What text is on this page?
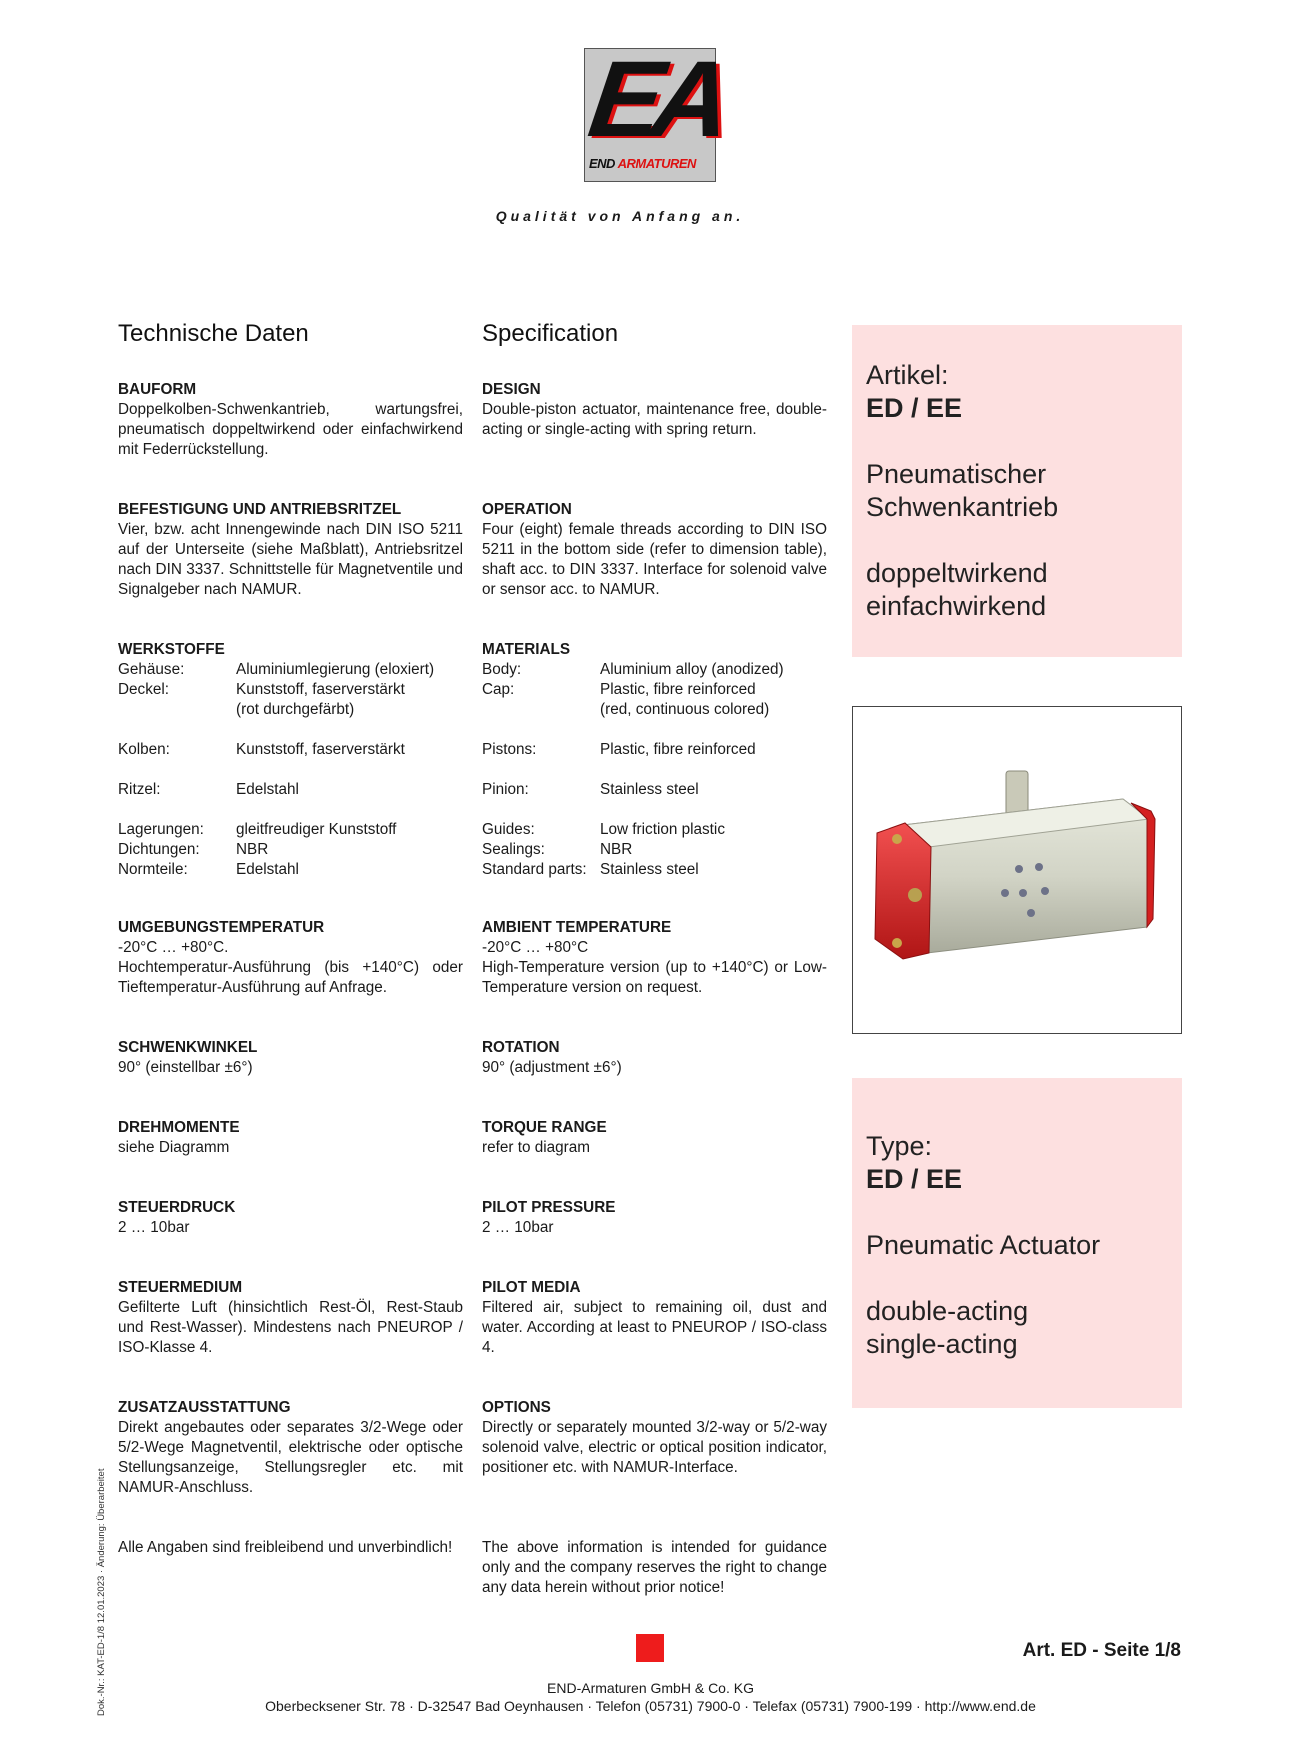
EA
END ARMATUREN
Qualität von Anfang an.
Technische Daten	Specification
BAUFORM
Doppelkolben-Schwenkantrieb, wartungsfrei, pneumatisch doppeltwirkend oder einfachwirkend mit Federrückstellung.
BEFESTIGUNG UND ANTRIEBSRITZEL
Vier, bzw. acht Innengewinde nach DIN ISO 5211 auf der Unterseite (siehe Maßblatt), Antriebsritzel nach DIN 3337. Schnittstelle für Magnetventile und Signalgeber nach NAMUR.
WERKSTOFFE
Gehäuse:	Aluminiumlegierung (eloxiert)
Deckel:	Kunststoff, faserverstärkt
(rot durchgefärbt)
Kolben:	Kunststoff, faserverstärkt
Ritzel:	Edelstahl
Lagerungen:	gleitfreudiger Kunststoff
Dichtungen:	NBR
Normteile:	Edelstahl
UMGEBUNGSTEMPERATUR
-20°C … +80°C.
Hochtemperatur-Ausführung (bis +140°C) oder Tieftemperatur-Ausführung auf Anfrage.
SCHWENKWINKEL
90° (einstellbar ±6°)
DREHMOMENTE
siehe Diagramm
STEUERDRUCK
2 … 10bar
STEUERMEDIUM
Gefilterte Luft (hinsichtlich Rest-Öl, Rest-Staub und Rest-Wasser). Mindestens nach PNEUROP / ISO-Klasse 4.
ZUSATZAUSSTATTUNG
Direkt angebautes oder separates 3/2-Wege oder 5/2-Wege Magnetventil, elektrische oder optische Stellungsanzeige, Stellungsregler etc. mit NAMUR-Anschluss.
Alle Angaben sind freibleibend und unverbindlich!
DESIGN
Double-piston actuator, maintenance free, double-acting or single-acting with spring return.
OPERATION
Four (eight) female threads according to DIN ISO 5211 in the bottom side (refer to dimension table), shaft acc. to DIN 3337. Interface for solenoid valve or sensor acc. to NAMUR.
MATERIALS
Body:	Aluminium alloy (anodized)
Cap:	Plastic, fibre reinforced
(red, continuous colored)
Pistons:	Plastic, fibre reinforced
Pinion:	Stainless steel
Guides:	Low friction plastic
Sealings:	NBR
Standard parts: Stainless steel
AMBIENT TEMPERATURE
-20°C … +80°C
High-Temperature version (up to +140°C) or Low-Temperature version on request.
ROTATION
90° (adjustment ±6°)
TORQUE RANGE
refer to diagram
PILOT PRESSURE
2 … 10bar
PILOT MEDIA
Filtered air, subject to remaining oil, dust and water. According at least to PNEUROP / ISO-class 4.
OPTIONS
Directly or separately mounted 3/2-way or 5/2-way solenoid valve, electric or optical position indicator, positioner etc. with NAMUR-Interface.
The above information is intended for guidance only and the company reserves the right to change any data herein without prior notice!
Artikel:
ED / EE
Pneumatischer
Schwenkantrieb
doppeltwirkend
einfachwirkend
Type:
ED / EE
Pneumatic Actuator
double-acting
single-acting
Dok.-Nr.: KAT-ED-1/8 12.01.2023 · Änderung: Überarbeitet	Art. ED - Seite 1/8
END-Armaturen GmbH & Co. KG
Oberbecksener Str. 78 · D-32547 Bad Oeynhausen · Telefon (05731) 7900-0 · Telefax (05731) 7900-199 · http://www.end.de
